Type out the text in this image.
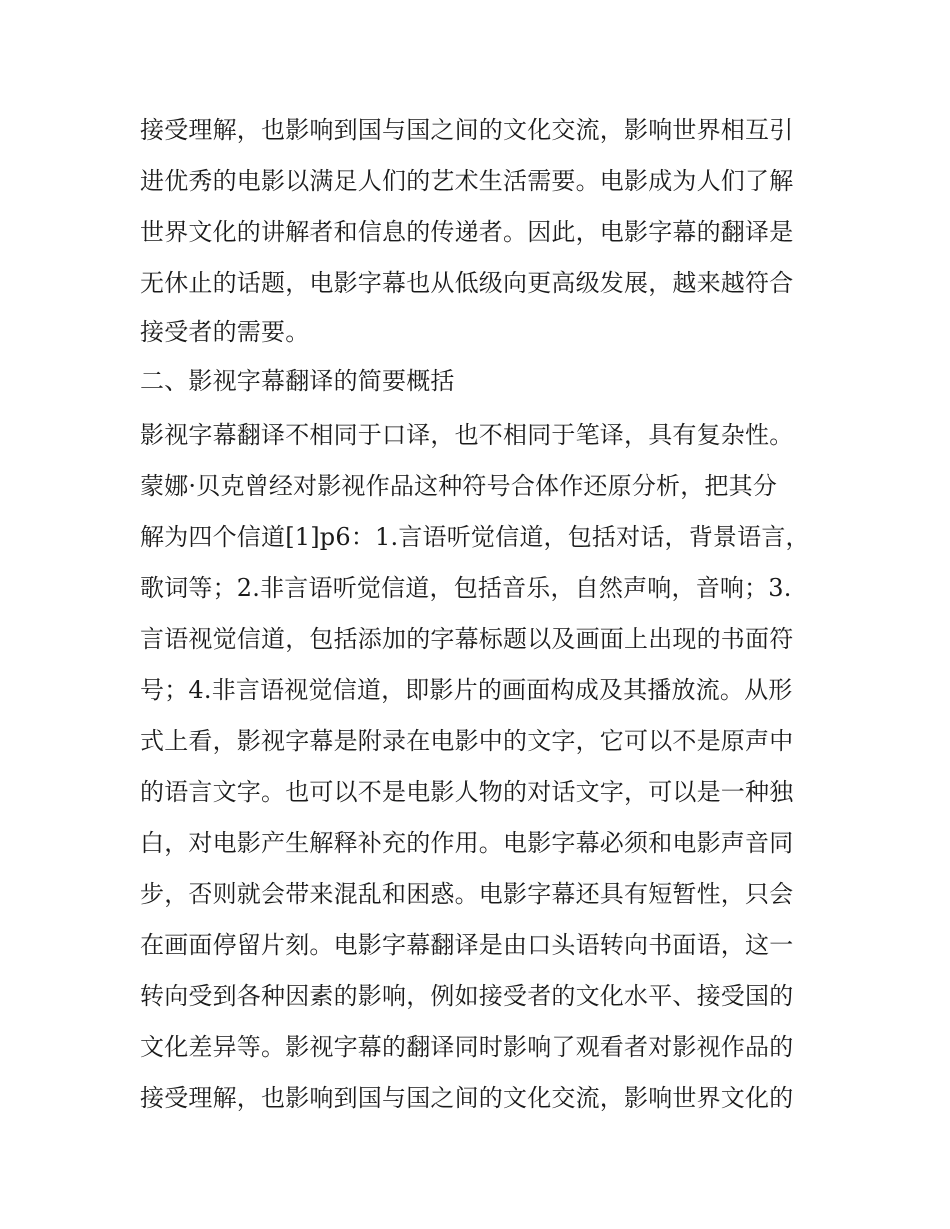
接受理解，也影响到国与国之间的文化交流，影响世界相互引
进优秀的电影以满足人们的艺术生活需要。电影成为人们了解
世界文化的讲解者和信息的传递者。因此，电影字幕的翻译是
无休止的话题，电影字幕也从低级向更高级发展，越来越符合
接受者的需要。
二、影视字幕翻译的简要概括
影视字幕翻译不相同于口译，也不相同于笔译，具有复杂性。
蒙娜·贝克曾经对影视作品这种符号合体作还原分析，把其分
解为四个信道[1]p6：1.言语听觉信道，包括对话，背景语言，
歌词等；2.非言语听觉信道，包括音乐，自然声响，音响；3.
言语视觉信道，包括添加的字幕标题以及画面上出现的书面符
号；4.非言语视觉信道，即影片的画面构成及其播放流。从形
式上看，影视字幕是附录在电影中的文字，它可以不是原声中
的语言文字。也可以不是电影人物的对话文字，可以是一种独
白，对电影产生解释补充的作用。电影字幕必须和电影声音同
步，否则就会带来混乱和困惑。电影字幕还具有短暂性，只会
在画面停留片刻。电影字幕翻译是由口头语转向书面语，这一
转向受到各种因素的影响，例如接受者的文化水平、接受国的
文化差异等。影视字幕的翻译同时影响了观看者对影视作品的
接受理解，也影响到国与国之间的文化交流，影响世界文化的
